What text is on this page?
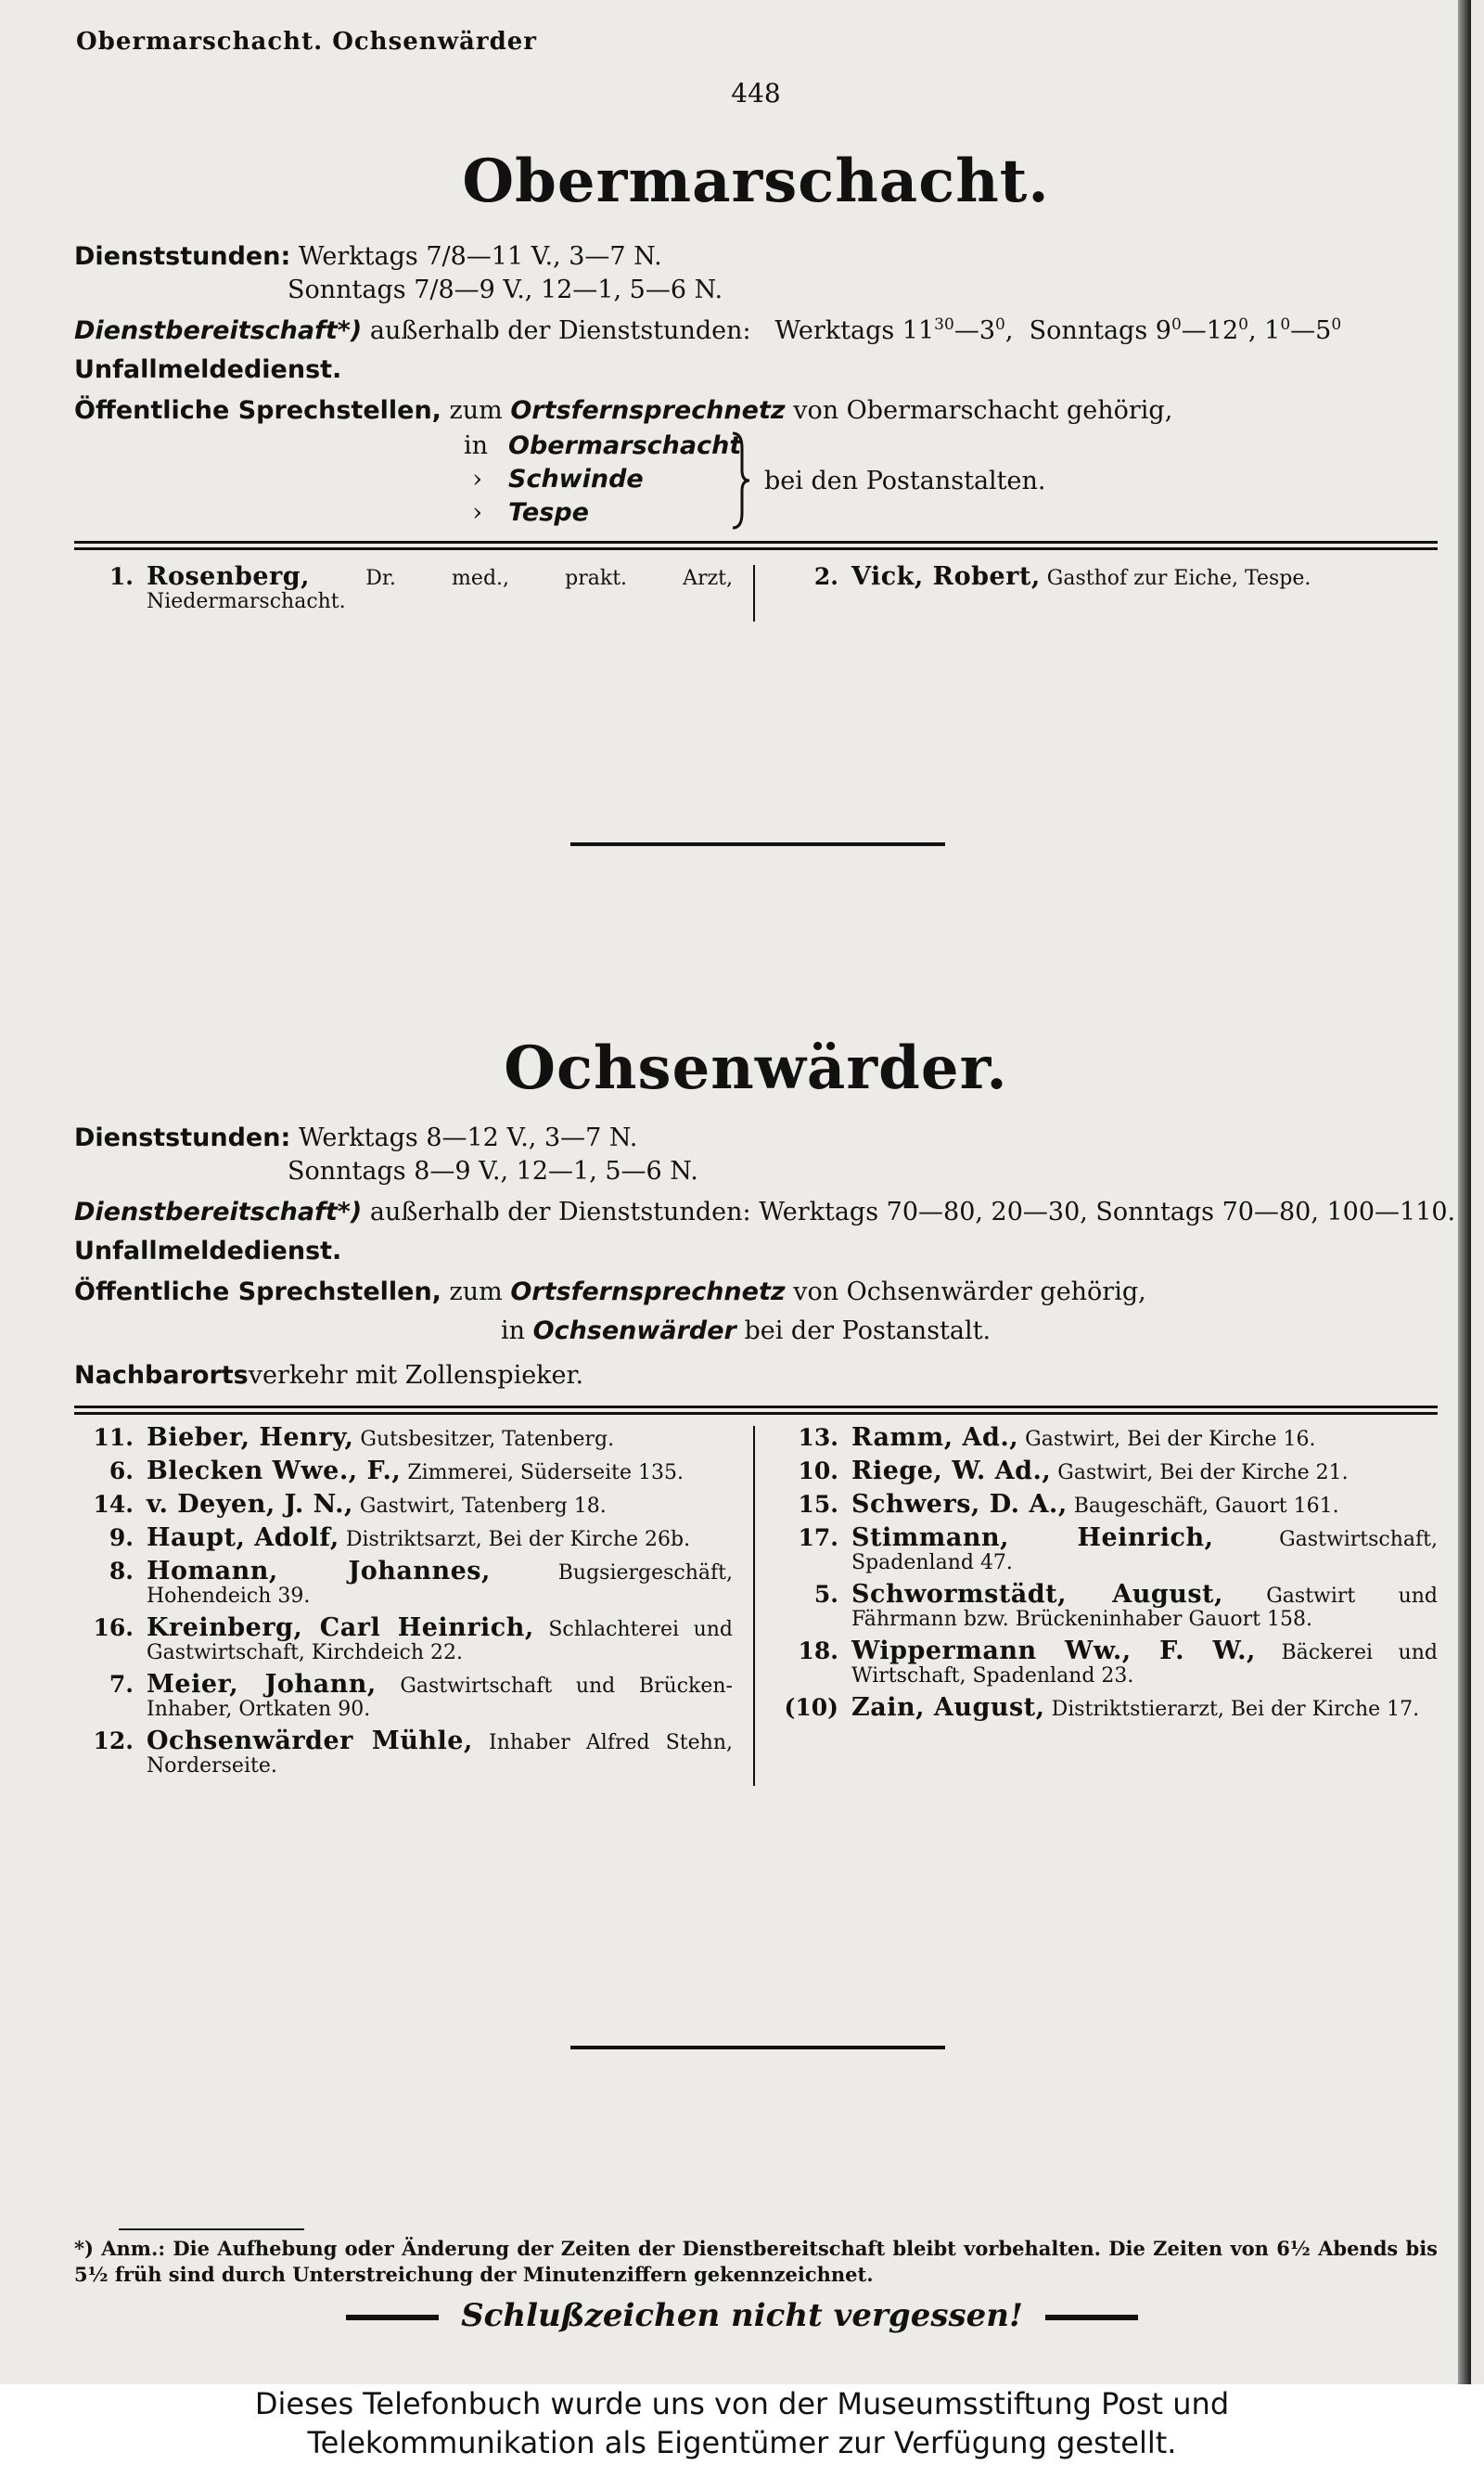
Obermarschacht. Ochsenwärder
448
Obermarschacht.
Dienststunden: Werktags 7/8—11 V., 3—7 N.
Sonntags 7/8—9 V., 12—1, 5—6 N.
Dienstbereitschaft*) außerhalb der Dienststunden: Werktags $11^{30}—3^0$,  Sonntags $9^0—12^0$, $1^0—5^0$
Unfallmeldedienst.
Öffentliche Sprechstellen, zum Ortsfernsprechnetz von Obermarschacht gehörig,
in
›
›
Obermarschacht
Schwinde
Tespe
bei den Postanstalten.
1. Rosenberg,	Dr. med., prakt. Arzt, Niedermarschacht.
2. Vick, Robert, Gasthof zur Eiche, Tespe.
Ochsenwärder.
Dienststunden: Werktags 8—12 V., 3—7 N.
Sonntags 8—9 V., 12—1, 5—6 N.
Dienstbereitschaft*) außerhalb der Dienststunden: Werktags 70—80, 20—30, Sonntags 70—80, 100—110.
Unfallmeldedienst.
Öffentliche Sprechstellen, zum Ortsfernsprechnetz von Ochsenwärder gehörig,
in Ochsenwärder bei der Postanstalt.
Nachbarortsverkehr mit Zollenspieker.
11. Bieber, Henry, Gutsbesitzer, Tatenberg.
6. Blecken Wwe., F., Zimmerei, Süderseite 135.
14. v. Deyen, J. N., Gastwirt, Tatenberg 18.
9. Haupt, Adolf, Distriktsarzt, Bei der Kirche 26b.
8. Homann, Johannes,	Bugsiergeschäft, Hohendeich 39.
16. Kreinberg, Carl Heinrich, Schlachterei und Gastwirtschaft, Kirchdeich 22.
7. Meier, Johann, Gastwirtschaft und Brücken-Inhaber, Ortkaten 90.
12. Ochsenwärder Mühle, Inhaber Alfred Stehn, Norderseite.
13. Ramm, Ad., Gastwirt, Bei der Kirche 16.
10. Riege, W. Ad., Gastwirt, Bei der Kirche 21.
15. Schwers, D. A., Baugeschäft, Gauort 161.
17. Stimmann, Heinrich,	Gastwirtschaft, Spadenland 47.
5. Schwormstädt, August, Gastwirt und Fährmann bzw. Brückeninhaber Gauort 158.
18. Wippermann Ww., F. W., Bäckerei und Wirtschaft, Spadenland 23.
(10) Zain, August, Distriktstierarzt, Bei der Kirche 17.
*) Anm.: Die Aufhebung oder Änderung der Zeiten der Dienstbereitschaft bleibt vorbehalten. Die Zeiten von 6½ Abends bis 5½ früh sind durch Unterstreichung der Minutenziffern gekennzeichnet.
Schlußzeichen nicht vergessen!
Dieses Telefonbuch wurde uns von der Museumsstiftung Post und
Telekommunikation als Eigentümer zur Verfügung gestellt.
